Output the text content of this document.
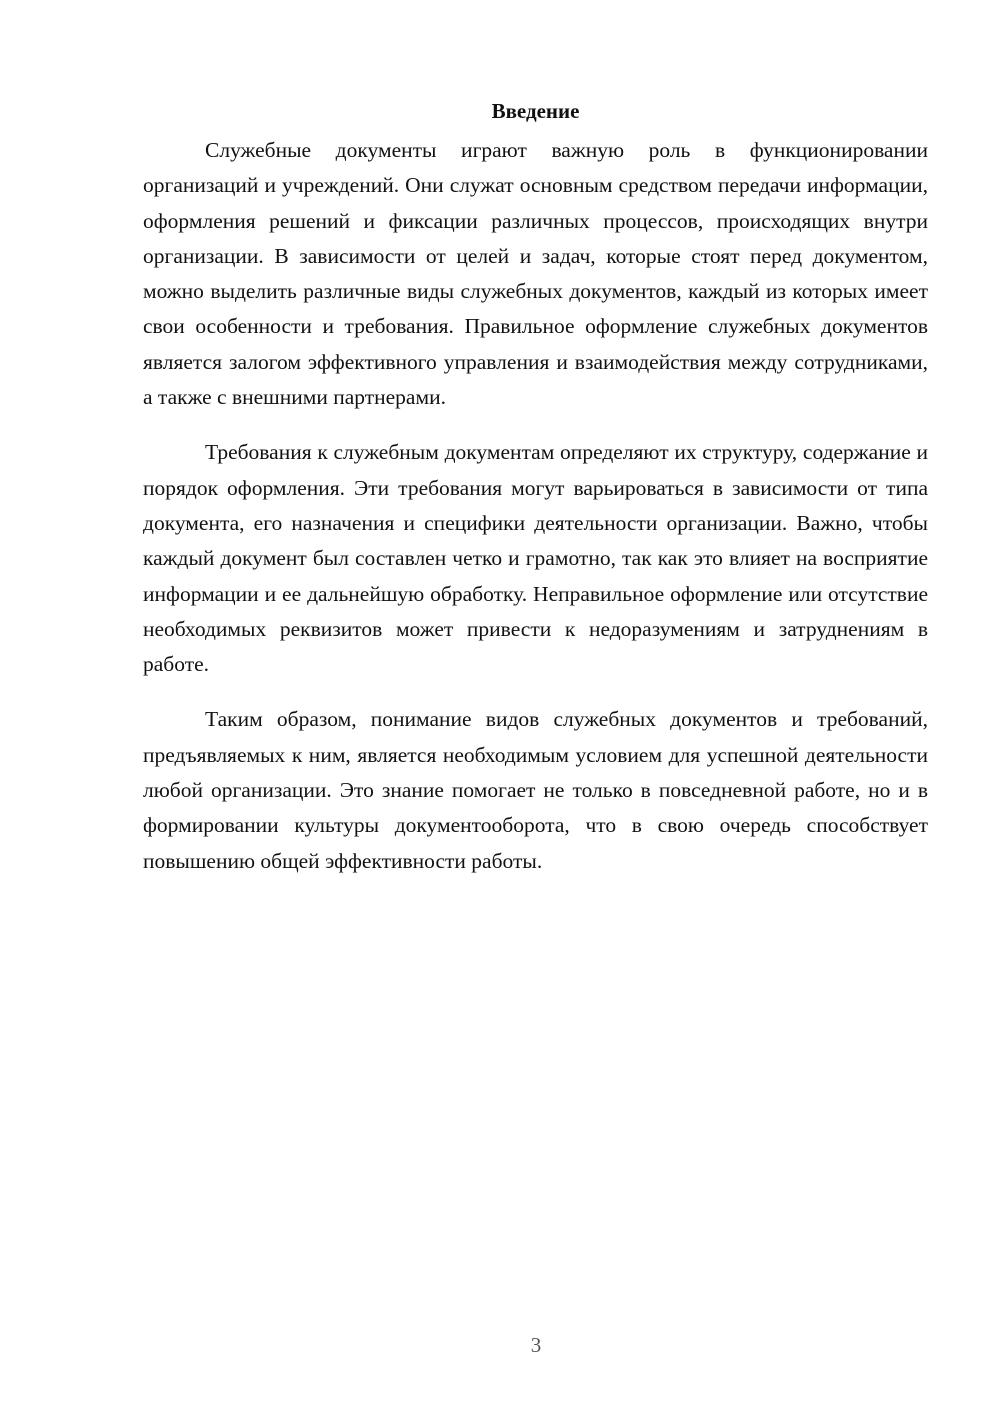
Введение

Служебные документы играют важную роль в функционировании организаций и учреждений. Они служат основным средством передачи информации, оформления решений и фиксации различных процессов, происходящих внутри организации. В зависимости от целей и задач, которые стоят перед документом, можно выделить различные виды служебных документов, каждый из которых имеет свои особенности и требования. Правильное оформление служебных документов является залогом эффективного управления и взаимодействия между сотрудниками, а также с внешними партнерами.

Требования к служебным документам определяют их структуру, содержание и порядок оформления. Эти требования могут варьироваться в зависимости от типа документа, его назначения и специфики деятельности организации. Важно, чтобы каждый документ был составлен четко и грамотно, так как это влияет на восприятие информации и ее дальнейшую обработку. Неправильное оформление или отсутствие необходимых реквизитов может привести к недоразумениям и затруднениям в работе.

Таким образом, понимание видов служебных документов и требований, предъявляемых к ним, является необходимым условием для успешной деятельности любой организации. Это знание помогает не только в повседневной работе, но и в формировании культуры документооборота, что в свою очередь способствует повышению общей эффективности работы.

3
